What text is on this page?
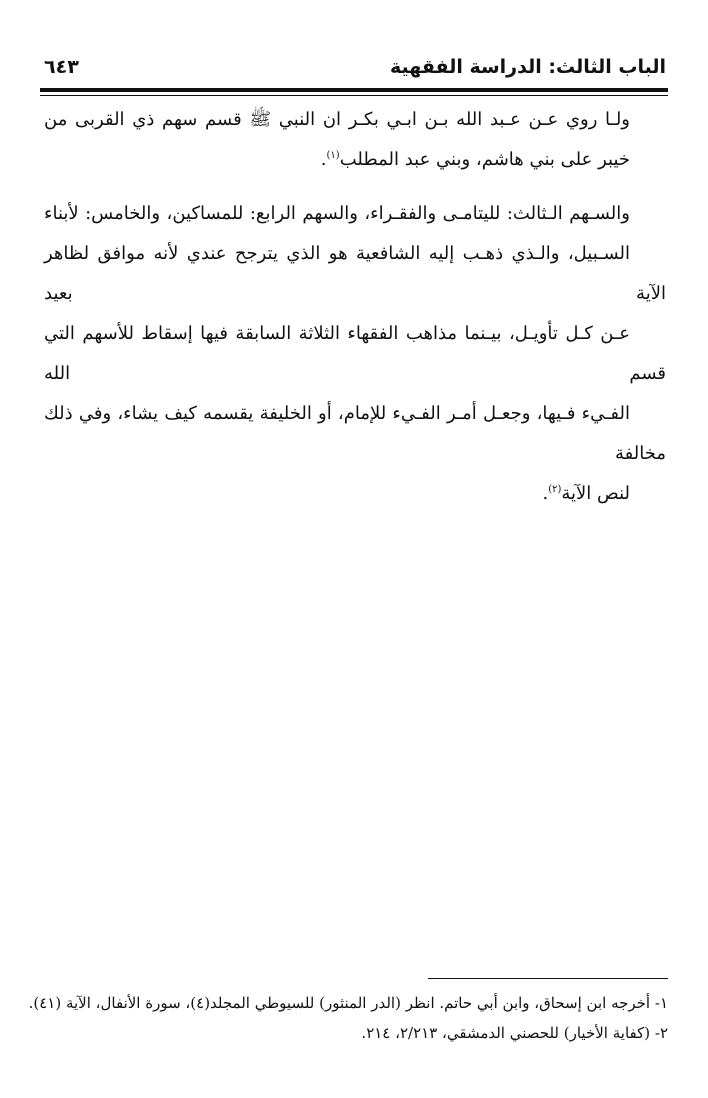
الباب الثالث: الدراسة الفقهية
٦٤٣

ولـا روي عـن عـبد الله بـن ابـي بكـر ان النبي ﷺ قسم سهم ذي القربى من
خيبر على بني هاشم، وبني عبد المطلب$^{(١)}$.

والسـهم الـثالث: لليتامـى والفقـراء، والسهم الرابع: للمساكين، والخامس: لأبناء
السـبيل، والـذي ذهـب إليه الشافعية هو الذي يترجح عندي لأنه موافق لظاهر الآية بعيد
عـن كـل تأويـل، بيـنما مذاهب الفقهاء الثلاثة السابقة فيها إسقاط للأسهم التي قسم الله
الفـيء فـيها، وجعـل أمـر الفـيء للإمام، أو الخليفة يقسمه كيف يشاء، وفي ذلك مخالفة
لنص الآية$^{(٢)}$.

١- أخرجه ابن إسحاق، وابن أبي حاتم. انظر (الدر المنثور) للسيوطي المجلد(٤)، سورة الأنفال، الآية (٤١).
٢- (كفاية الأخيار) للحصني الدمشقي، ٢/٢١٣، ٢١٤.
